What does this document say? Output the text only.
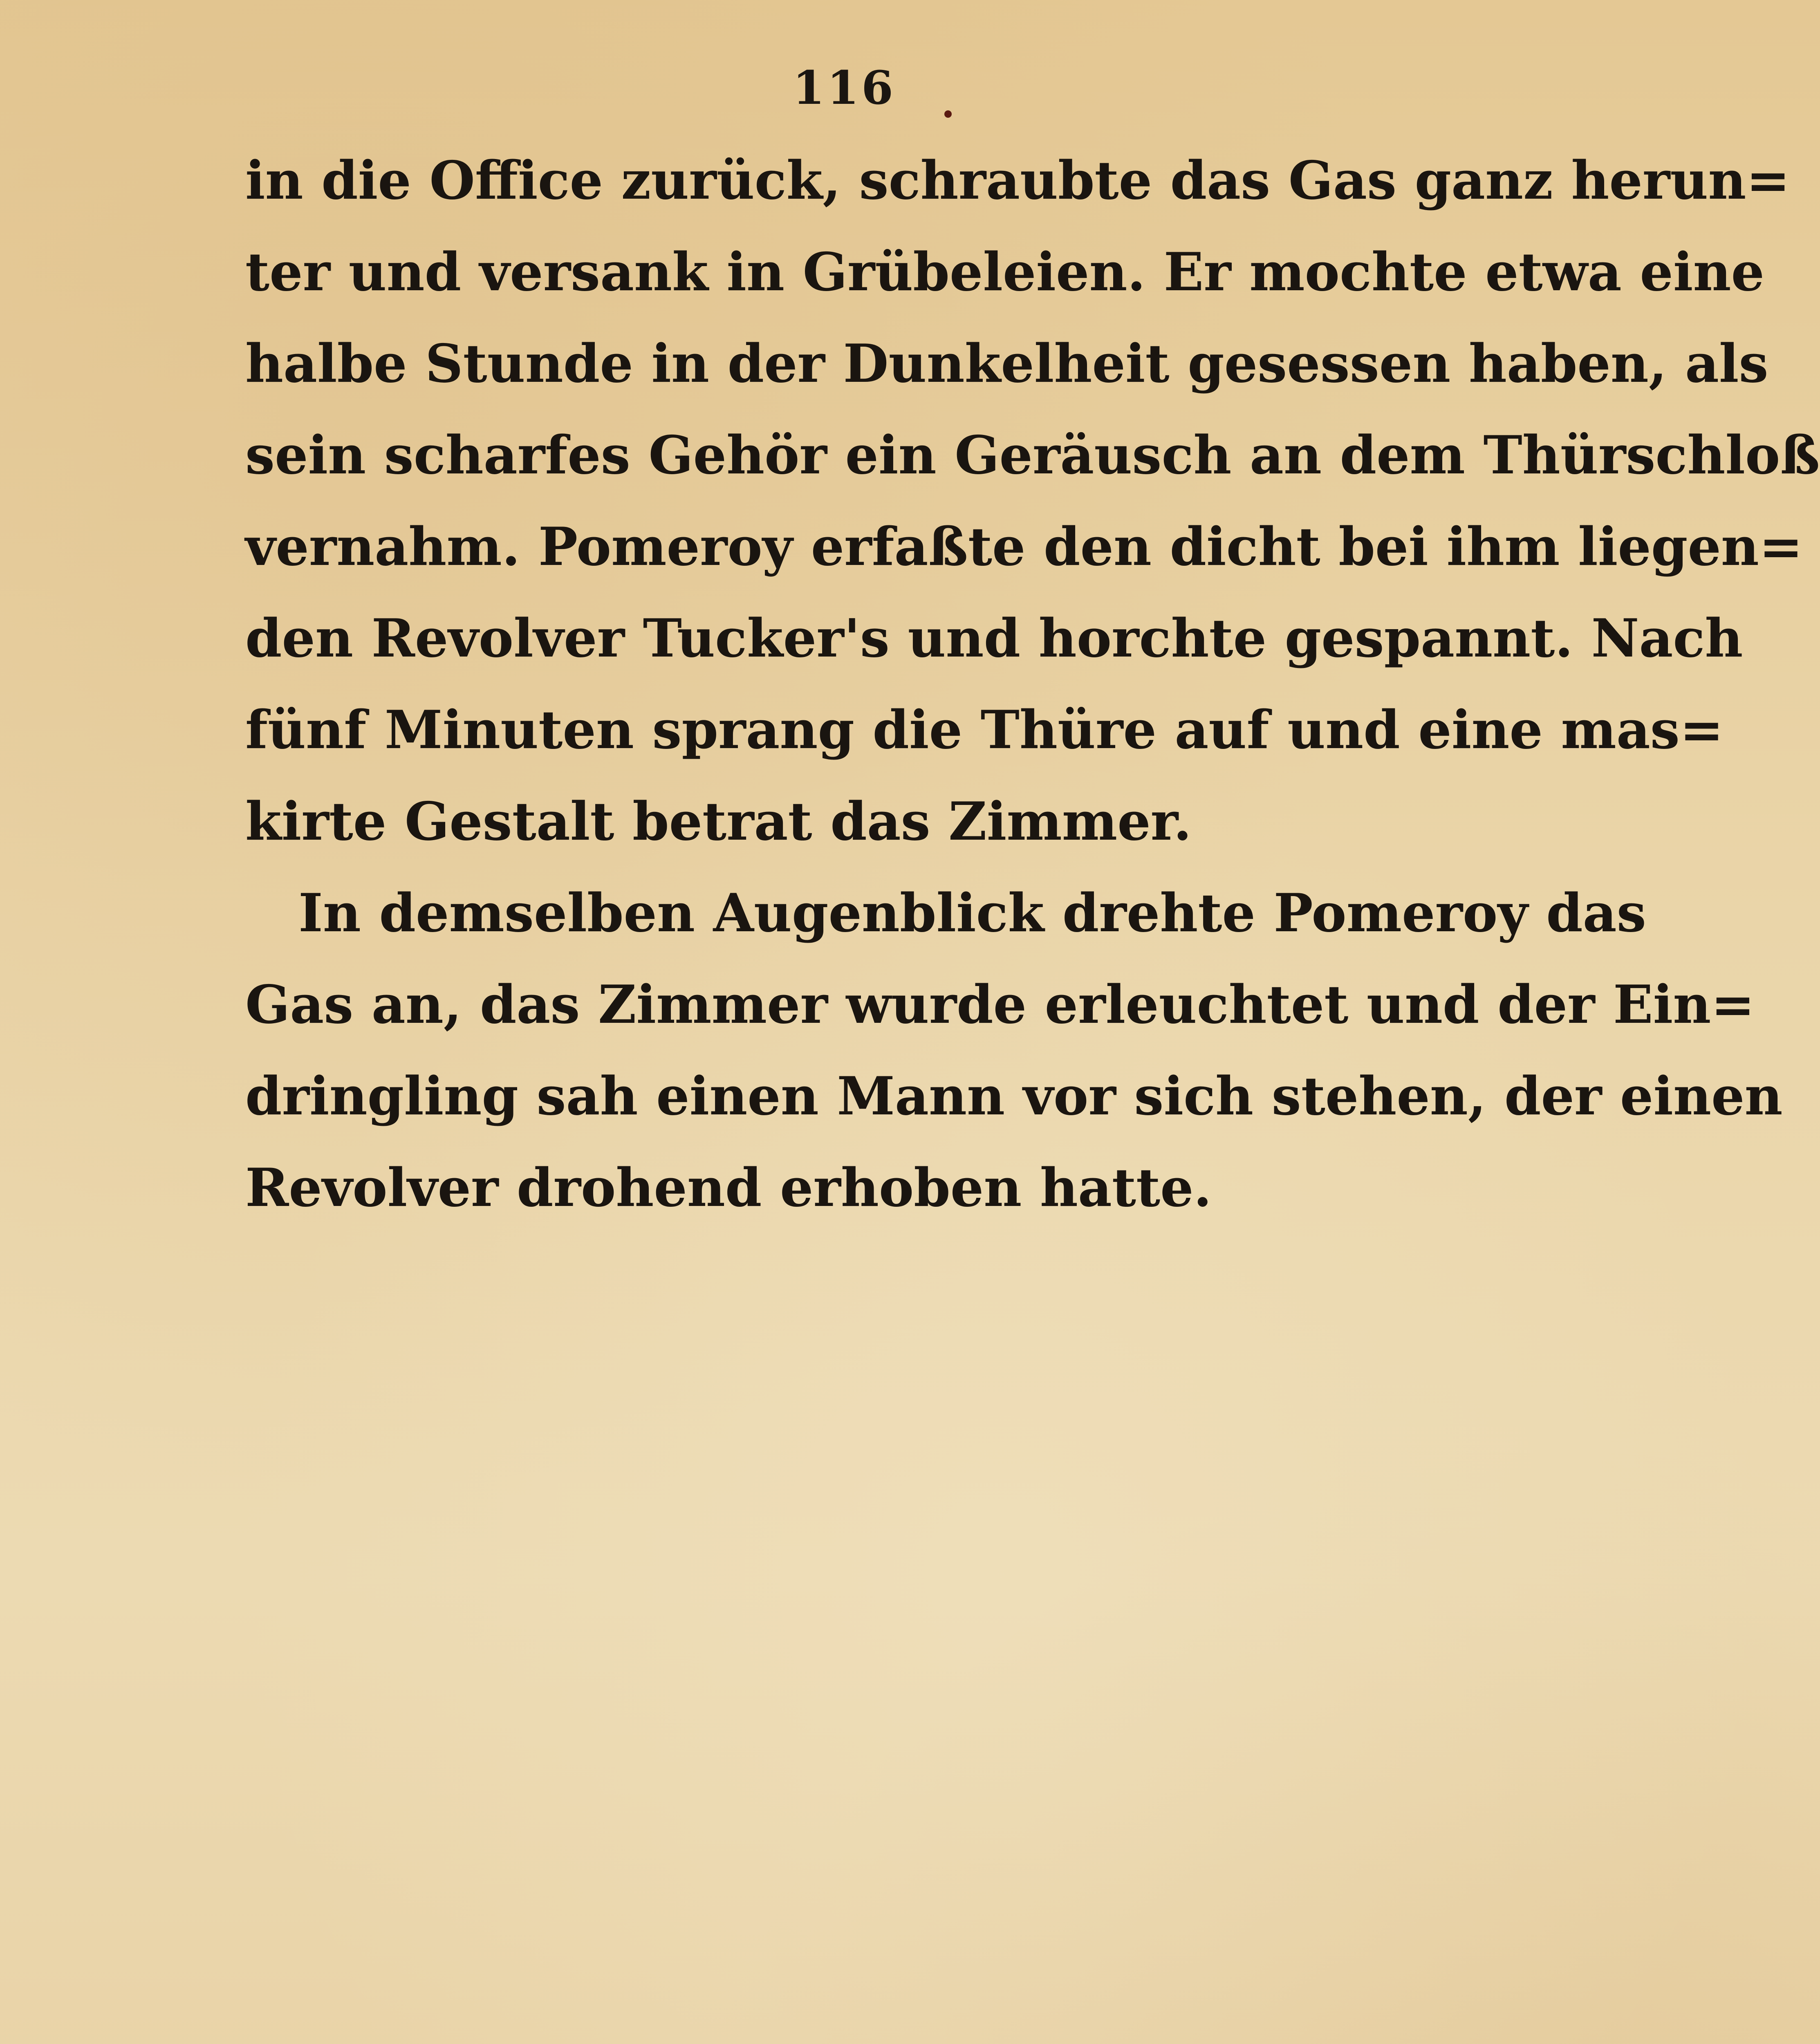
116
in die Office zurück, schraubte das Gas ganz herun=
ter und versank in Grübeleien. Er mochte etwa eine
halbe Stunde in der Dunkelheit gesessen haben, als
sein scharfes Gehör ein Geräusch an dem Thürschloß
vernahm. Pomeroy erfaßte den dicht bei ihm liegen=
den Revolver Tucker's und horchte gespannt. Nach
fünf Minuten sprang die Thüre auf und eine mas=
kirte Gestalt betrat das Zimmer.
In demselben Augenblick drehte Pomeroy das
Gas an, das Zimmer wurde erleuchtet und der Ein=
dringling sah einen Mann vor sich stehen, der einen
Revolver drohend erhoben hatte.
